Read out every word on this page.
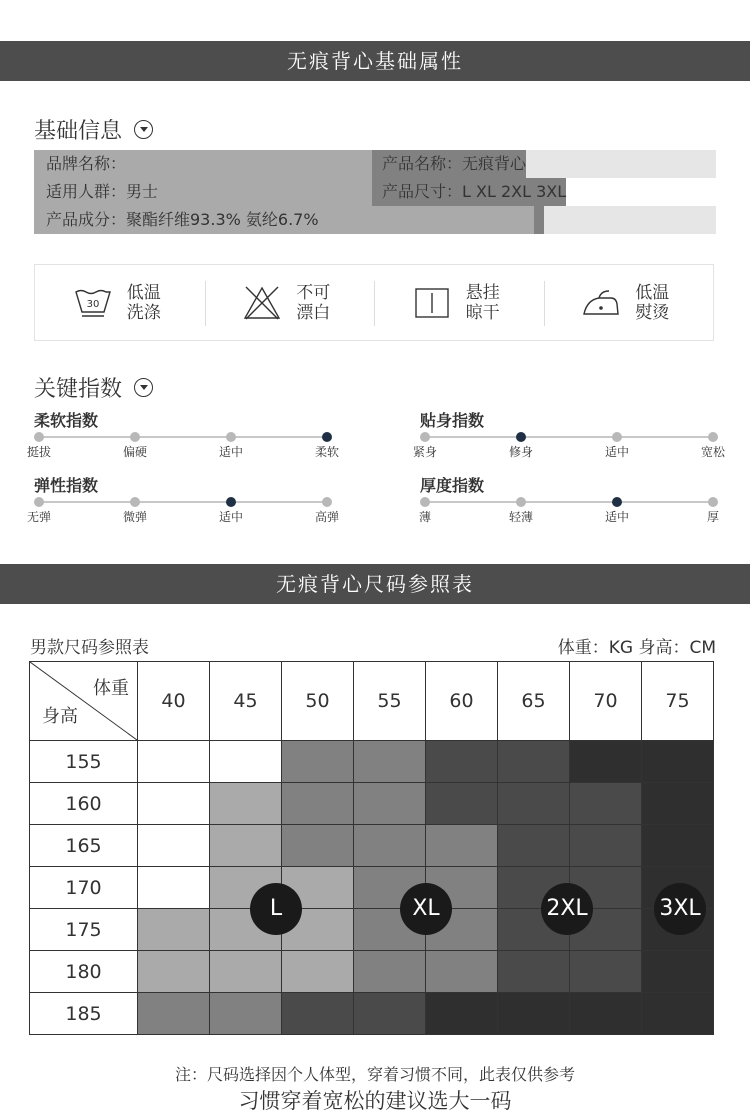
无痕背心基础属性
基础信息
品牌名称：	产品名称：无痕背心
适用人群：男士	产品尺寸：L XL 2XL 3XL
产品成分：聚酯纤维93.3% 氨纶6.7%
30
低温
洗涤
不可
漂白
悬挂
晾干
低温
熨烫
关键指数
柔软指数
挺拔	偏硬	适中	柔软
贴身指数
紧身	修身	适中	宽松
弹性指数
无弹	微弹	适中	高弹
厚度指数
薄	轻薄	适中	厚
无痕背心尺码参照表
男款尺码参照表	体重：KG 身高：CM
体重
身高	40	45	50	55	60	65	70	75
155								
160								
165								
170								
175								
180								
185								
L	XL	2XL	3XL
注：尺码选择因个人体型，穿着习惯不同，此表仅供参考
习惯穿着宽松的建议选大一码
